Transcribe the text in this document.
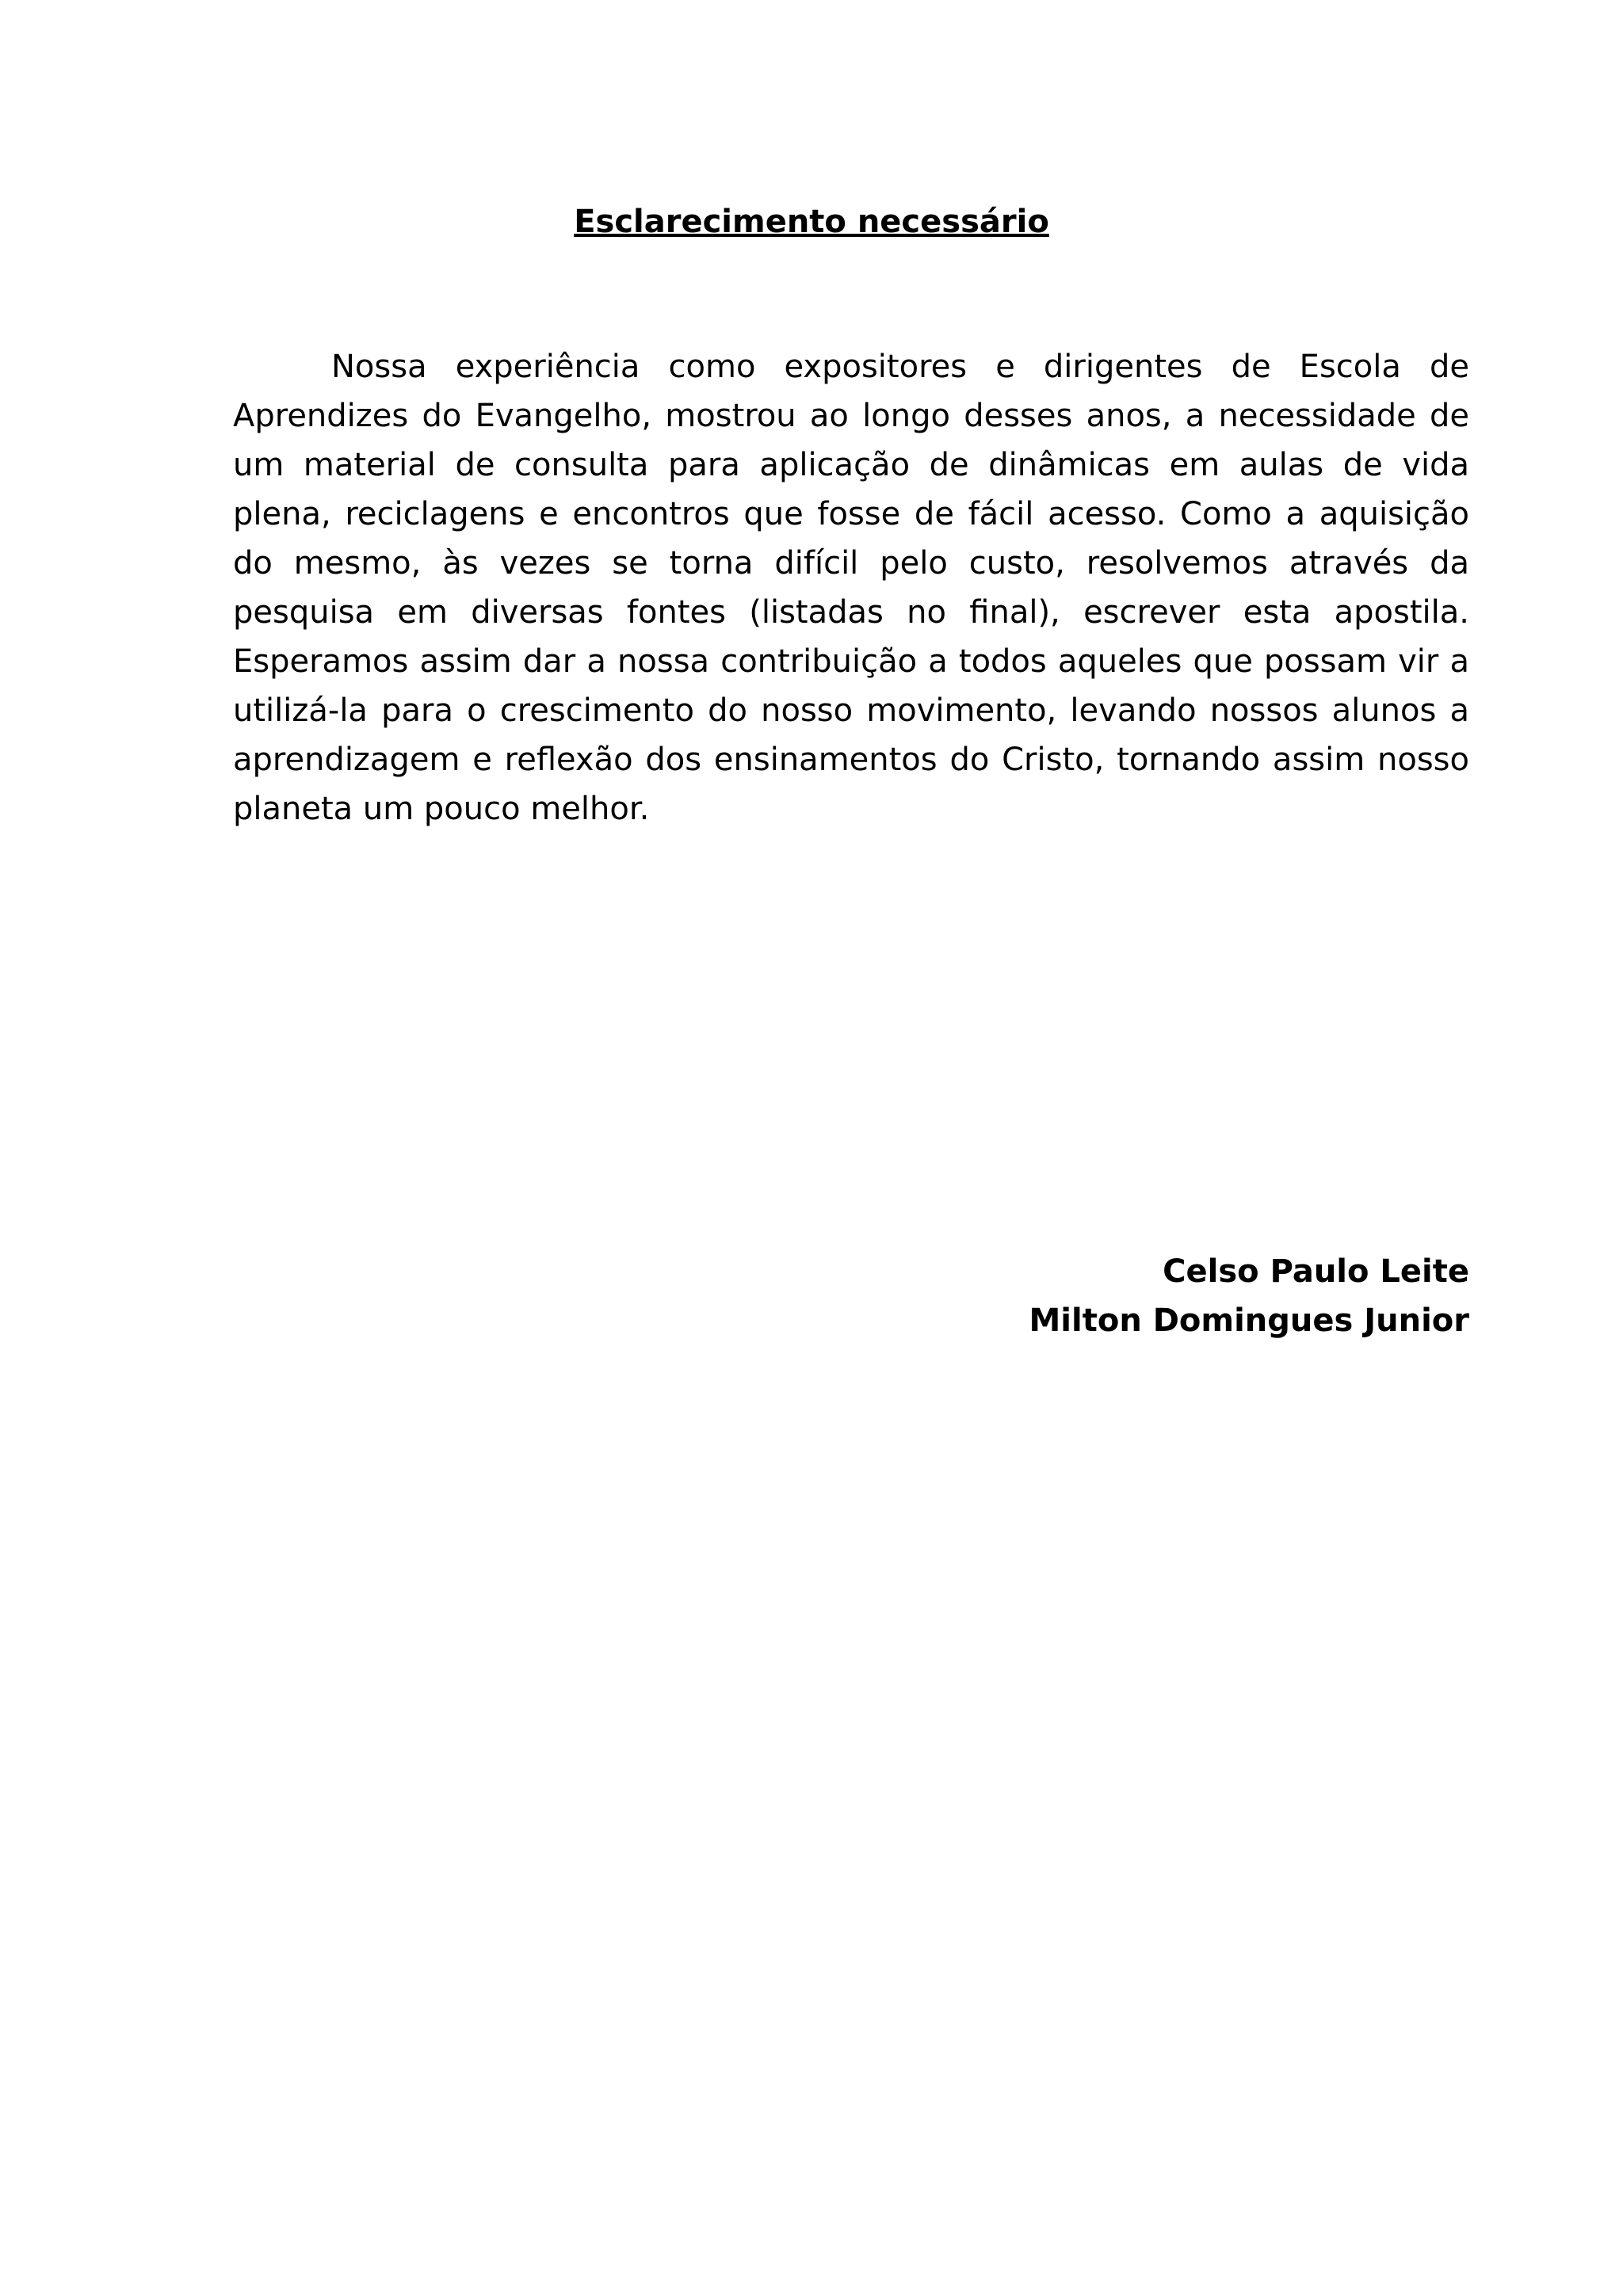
Esclarecimento necessário

Nossa experiência como expositores e dirigentes de Escola de Aprendizes do Evangelho, mostrou ao longo desses anos, a necessidade de um material de consulta para aplicação de dinâmicas em aulas de vida plena, reciclagens e encontros que fosse de fácil acesso. Como a aquisição do mesmo, às vezes se torna difícil pelo custo, resolvemos através da pesquisa em diversas fontes (listadas no final), escrever esta apostila. Esperamos assim dar a nossa contribuição a todos aqueles que possam vir a utilizá-la para o crescimento do nosso movimento, levando nossos alunos a aprendizagem e reflexão dos ensinamentos do Cristo, tornando assim nosso planeta um pouco melhor.

Celso Paulo Leite
Milton Domingues Junior
